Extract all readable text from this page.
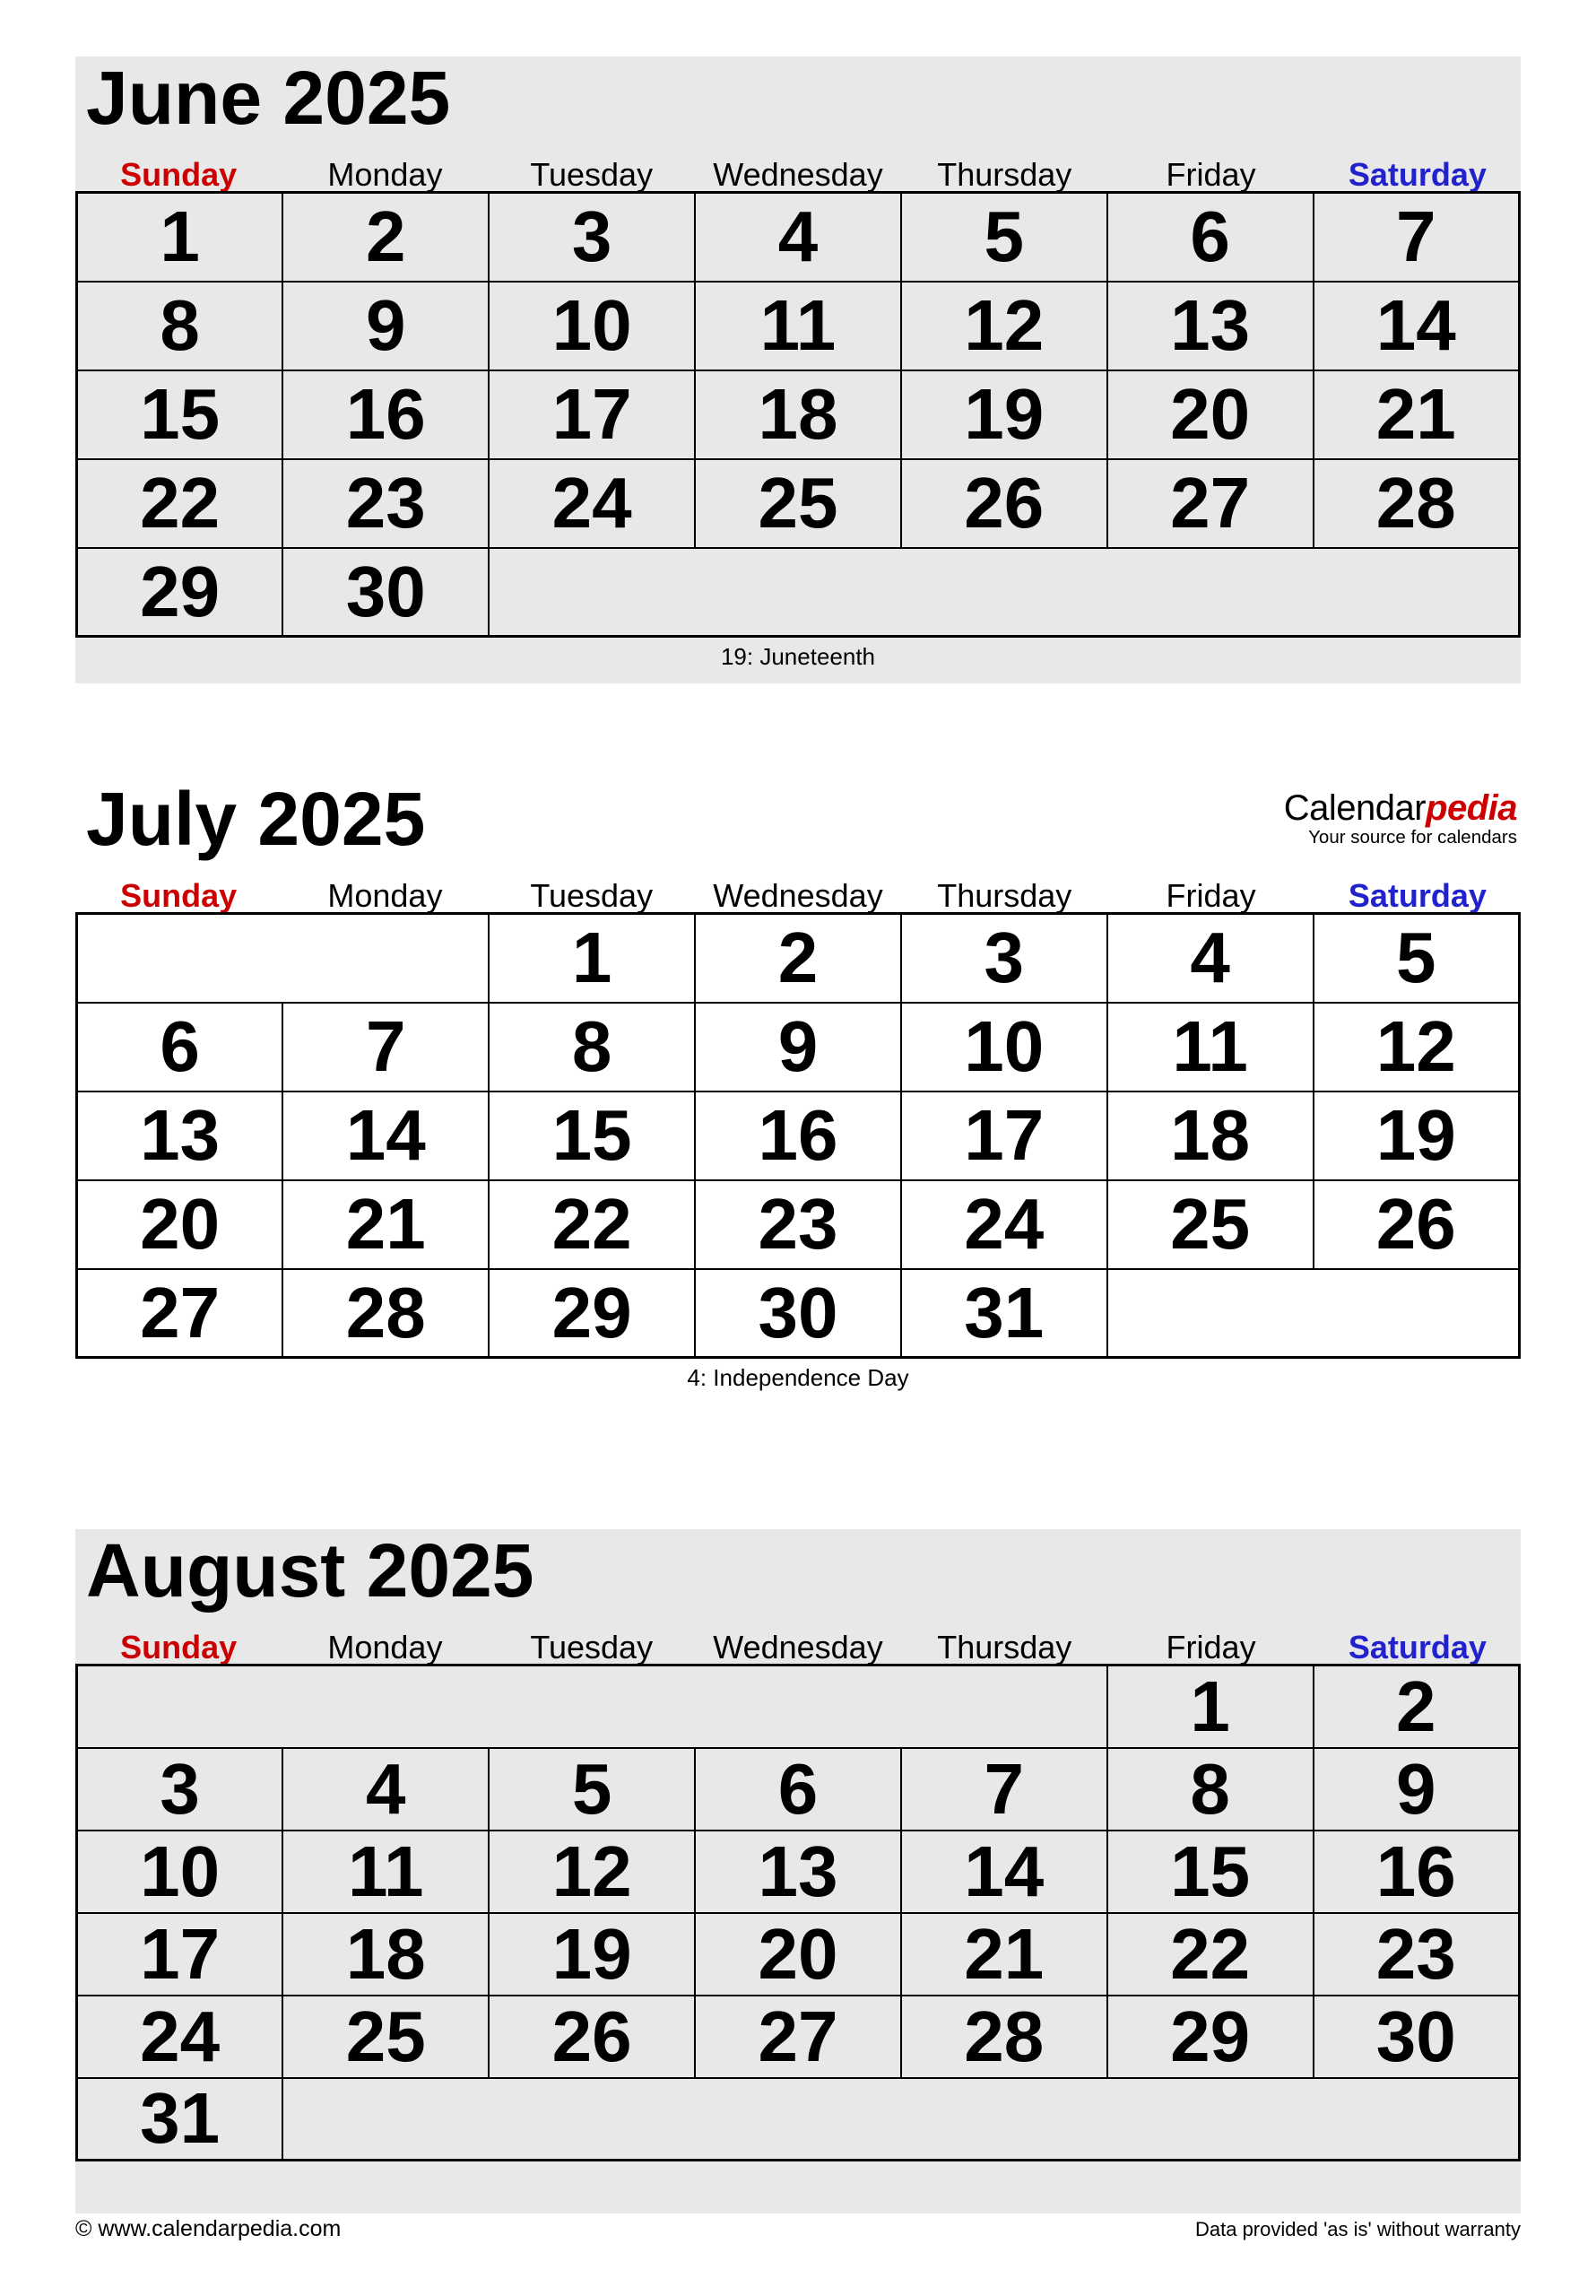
June 2025
Sunday	Monday	Tuesday	Wednesday	Thursday	Friday	Saturday
1	2	3	4	5	6	7
8	9	10	11	12	13	14
15	16	17	18	19	20	21
22	23	24	25	26	27	28
29	30					
19: Juneteenth
July 2025	Calendarpedia
Your source for calendars
Sunday	Monday	Tuesday	Wednesday	Thursday	Friday	Saturday
		1	2	3	4	5
6	7	8	9	10	11	12
13	14	15	16	17	18	19
20	21	22	23	24	25	26
27	28	29	30	31		
4: Independence Day
August 2025
Sunday	Monday	Tuesday	Wednesday	Thursday	Friday	Saturday
					1	2
3	4	5	6	7	8	9
10	11	12	13	14	15	16
17	18	19	20	21	22	23
24	25	26	27	28	29	30
31						
© www.calendarpedia.com	Data provided 'as is' without warranty
